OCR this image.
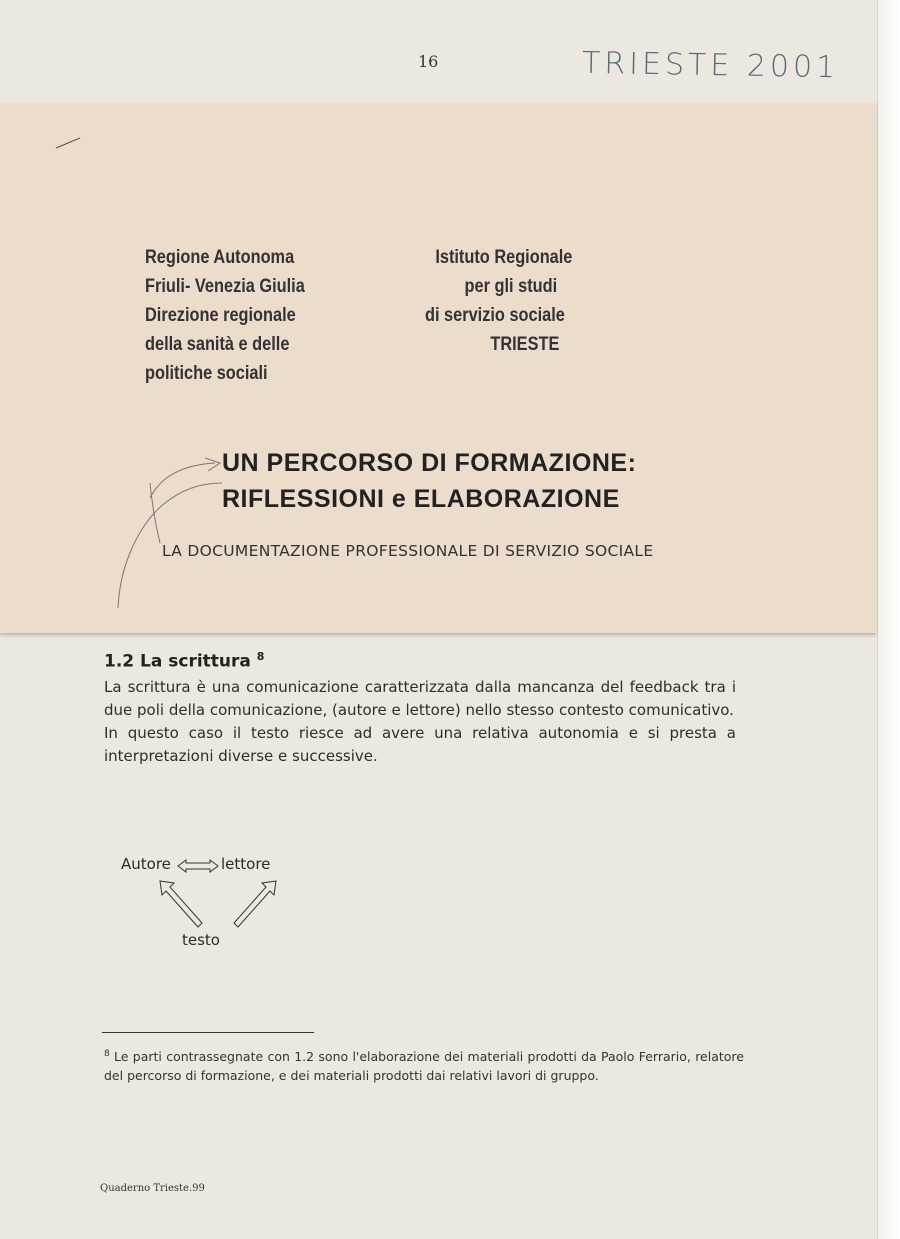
16	TRIESTE 2001
Regione Autonoma
Friuli- Venezia Giulia
Direzione regionale
della sanità e delle
politiche sociali
Istituto Regionale
per gli studi
di servizio sociale
TRIESTE
UN PERCORSO DI FORMAZIONE:
RIFLESSIONI e ELABORAZIONE
LA DOCUMENTAZIONE PROFESSIONALE DI SERVIZIO SOCIALE
1.2 La scrittura $^8$

La scrittura è una comunicazione caratterizzata dalla mancanza del feedback tra i due poli della comunicazione, (autore e lettore) nello stesso contesto comunicativo.

In questo caso il testo riesce ad avere una relativa autonomia e si presta a interpretazioni diverse e successive.

Autore	lettore
testo
$^8$ Le parti contrassegnate con 1.2 sono l'elaborazione dei materiali prodotti da Paolo Ferrario, relatore del percorso di formazione, e dei materiali prodotti dai relativi lavori di gruppo.
Quaderno Trieste.99
